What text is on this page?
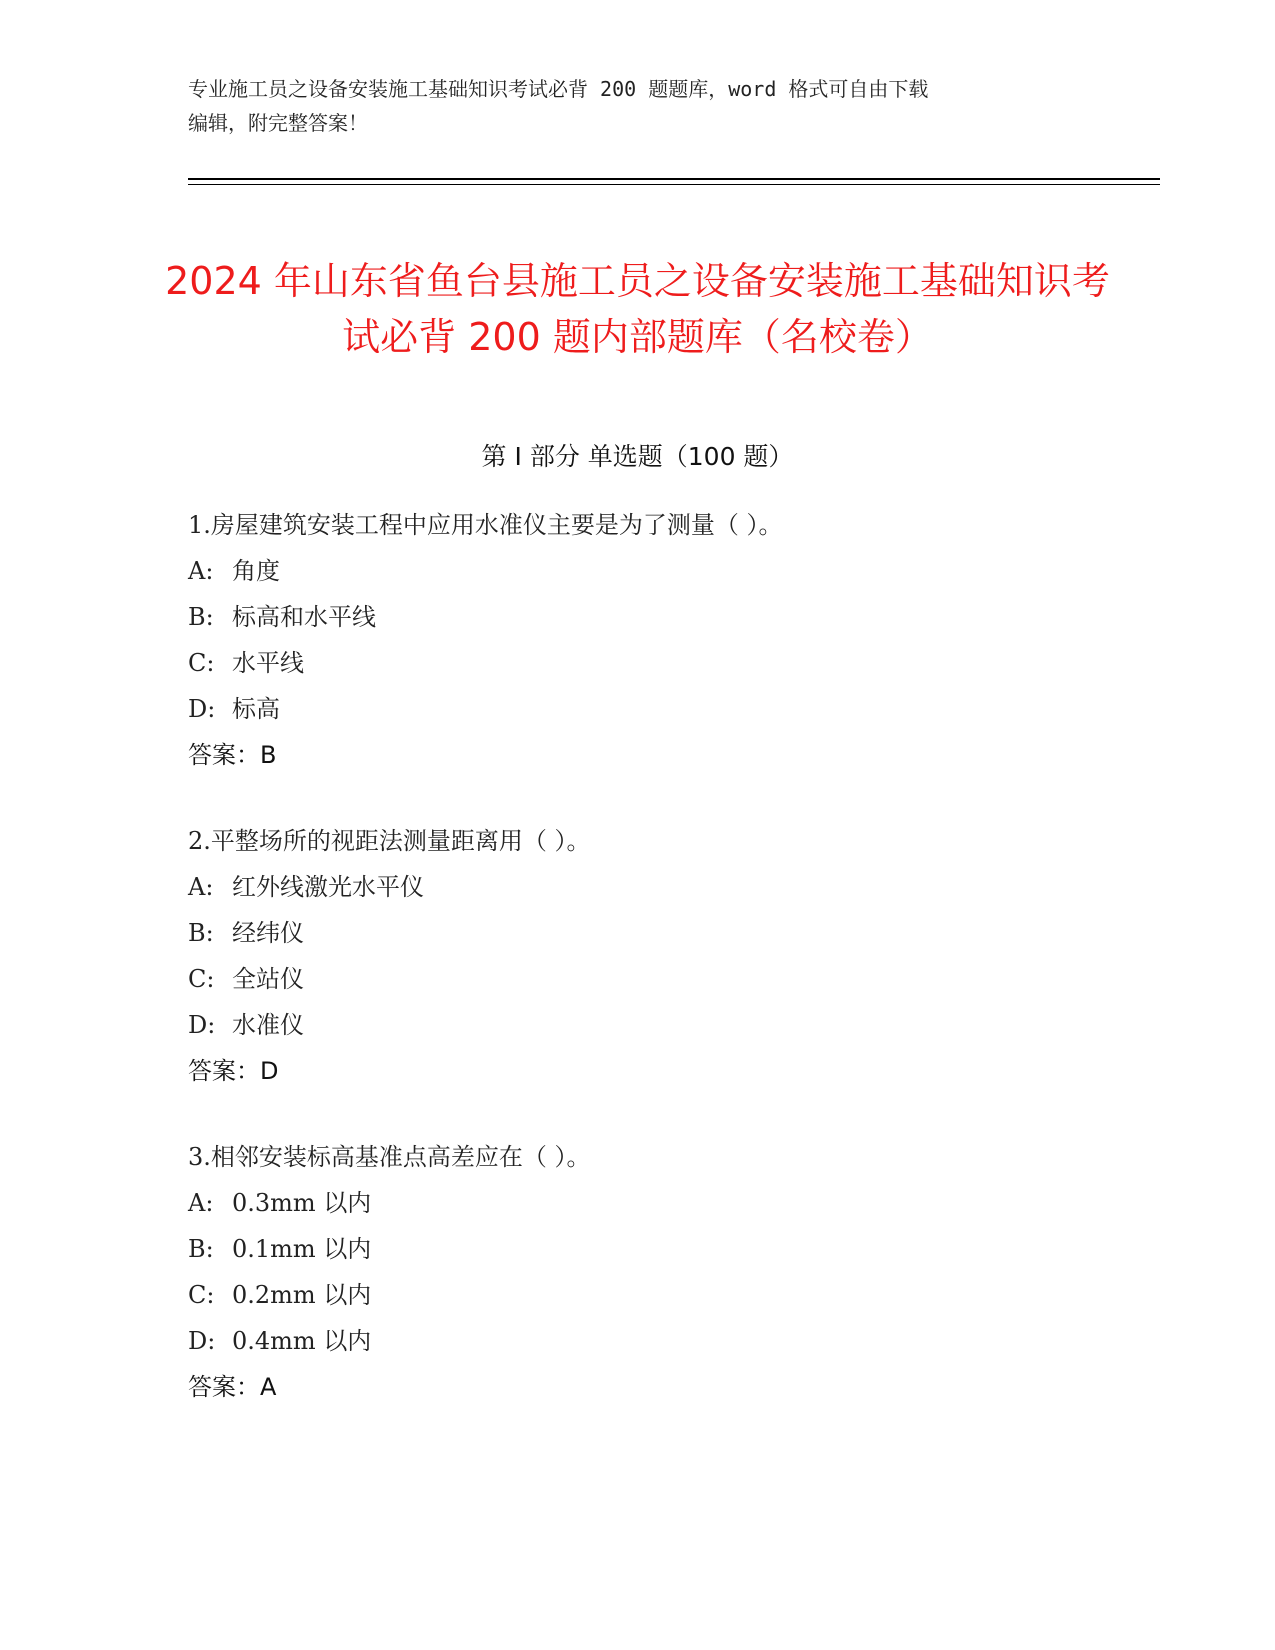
专业施工员之设备安装施工基础知识考试必背 200 题题库，word 格式可自由下载
编辑，附完整答案！
2024 年山东省鱼台县施工员之设备安装施工基础知识考试必背 200 题内部题库（名校卷）
第 I 部分 单选题（100 题）
1.房屋建筑安装工程中应用水准仪主要是为了测量（ ）。
A: 角度
B: 标高和水平线
C: 水平线
D: 标高
答案：B
2.平整场所的视距法测量距离用（ ）。
A: 红外线激光水平仪
B: 经纬仪
C: 全站仪
D: 水准仪
答案：D
3.相邻安装标高基准点高差应在（ ）。
A: 0.3mm 以内
B: 0.1mm 以内
C: 0.2mm 以内
D: 0.4mm 以内
答案：A
